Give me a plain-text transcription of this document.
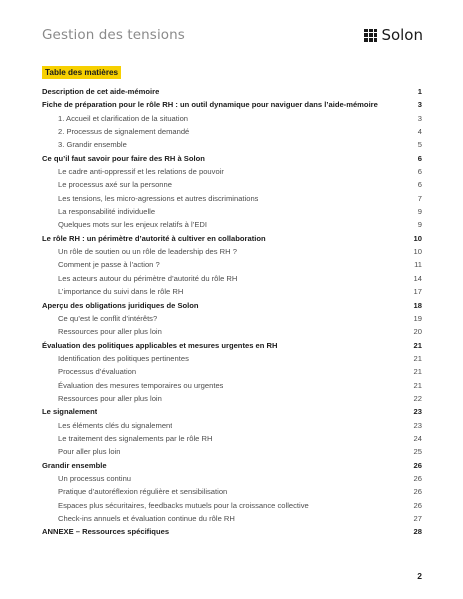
Gestion des tensions	Solon
Table des matières
Description de cet aide-mémoire	1
Fiche de préparation pour le rôle RH : un outil dynamique pour naviguer dans l’aide-mémoire	3
1. Accueil et clarification de la situation	3
2. Processus de signalement demandé	4
3. Grandir ensemble	5
Ce qu’il faut savoir pour faire des RH à Solon	6
Le cadre anti-oppressif et les relations de pouvoir	6
Le processus axé sur la personne	6
Les tensions, les micro-agressions et autres discriminations	7
La responsabilité individuelle	9
Quelques mots sur les enjeux relatifs à l’EDI	9
Le rôle RH : un périmètre d’autorité à cultiver en collaboration	10
Un rôle de soutien ou un rôle de leadership des RH ?	10
Comment je passe à l’action ?	11
Les acteurs autour du périmètre d’autorité du rôle RH	14
L’importance du suivi dans le rôle RH	17
Aperçu des obligations juridiques de Solon	18
Ce qu’est le conflit d’intérêts?	19
Ressources pour aller plus loin	20
Évaluation des politiques applicables et mesures urgentes en RH	21
Identification des politiques pertinentes	21
Processus d’évaluation	21
Évaluation des mesures temporaires ou urgentes	21
Ressources pour aller plus loin	22
Le signalement	23
Les éléments clés du signalement	23
Le traitement des signalements par le rôle RH	24
Pour aller plus loin	25
Grandir ensemble	26
Un processus continu	26
Pratique d’autoréflexion régulière et sensibilisation	26
Espaces plus sécuritaires, feedbacks mutuels pour la croissance collective	26
Check-ins annuels et évaluation continue du rôle RH	27
ANNEXE – Ressources spécifiques	28
2
